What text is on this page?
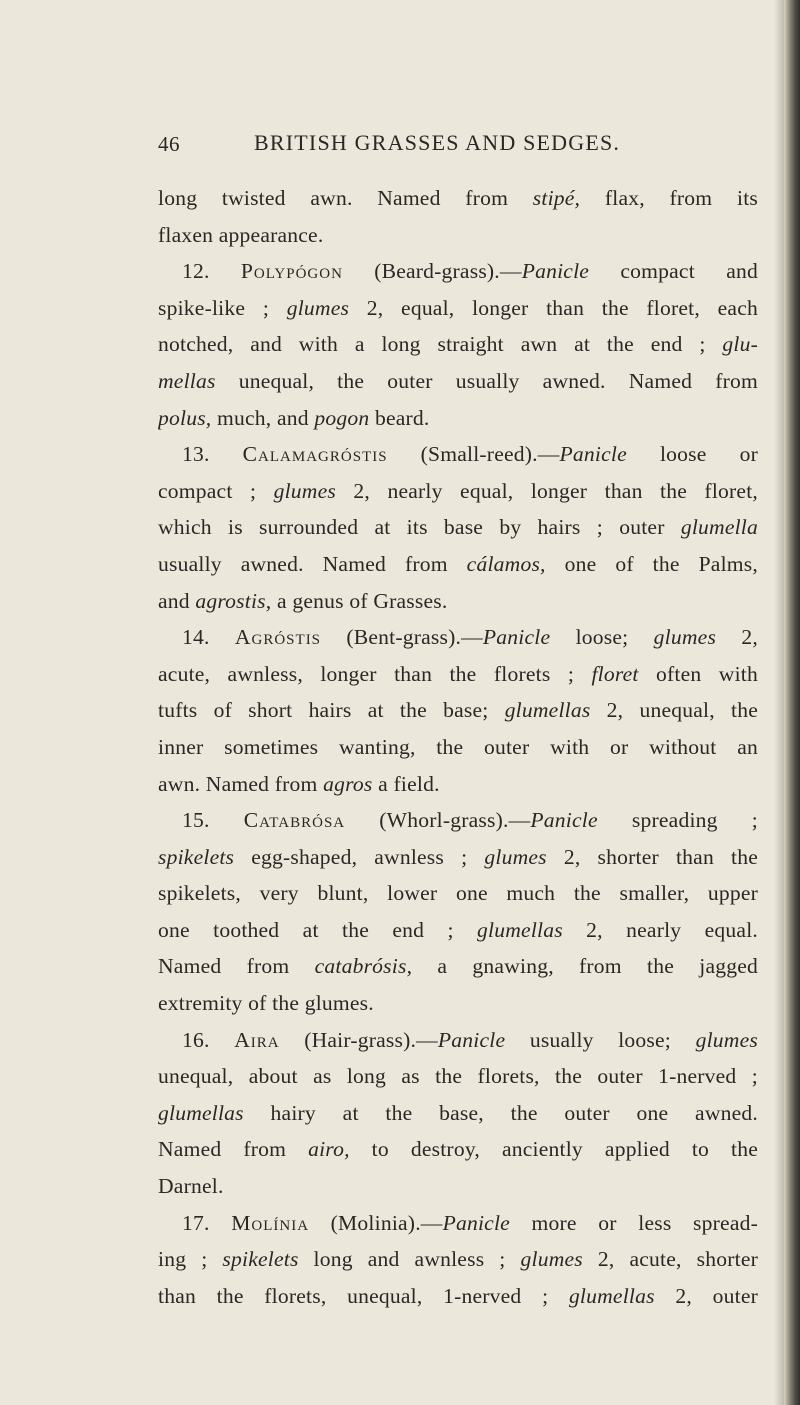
46	BRITISH GRASSES AND SEDGES.
long twisted awn. Named from stipé, flax, from its
flaxen appearance.
12. Polypógon (Beard-grass).—Panicle compact and
spike-like ; glumes 2, equal, longer than the floret, each
notched, and with a long straight awn at the end ; glu-
mellas unequal, the outer usually awned. Named from
polus, much, and pogon beard.
13. Calamagróstis (Small-reed).—Panicle loose or
compact ; glumes 2, nearly equal, longer than the floret,
which is surrounded at its base by hairs ; outer glumella
usually awned. Named from cálamos, one of the Palms,
and agrostis, a genus of Grasses.
14. Agróstis (Bent-grass).—Panicle loose; glumes 2,
acute, awnless, longer than the florets ; floret often with
tufts of short hairs at the base; glumellas 2, unequal, the
inner sometimes wanting, the outer with or without an
awn. Named from agros a field.
15. Catabrósa (Whorl-grass).—Panicle spreading ;
spikelets egg-shaped, awnless ; glumes 2, shorter than the
spikelets, very blunt, lower one much the smaller, upper
one toothed at the end ; glumellas 2, nearly equal.
Named from catabrósis, a gnawing, from the jagged
extremity of the glumes.
16. Aira (Hair-grass).—Panicle usually loose; glumes
unequal, about as long as the florets, the outer 1-nerved ;
glumellas hairy at the base, the outer one awned.
Named from airo, to destroy, anciently applied to the
Darnel.
17. Molínia (Molinia).—Panicle more or less spread-
ing ; spikelets long and awnless ; glumes 2, acute, shorter
than the florets, unequal, 1-nerved ; glumellas 2, outer
